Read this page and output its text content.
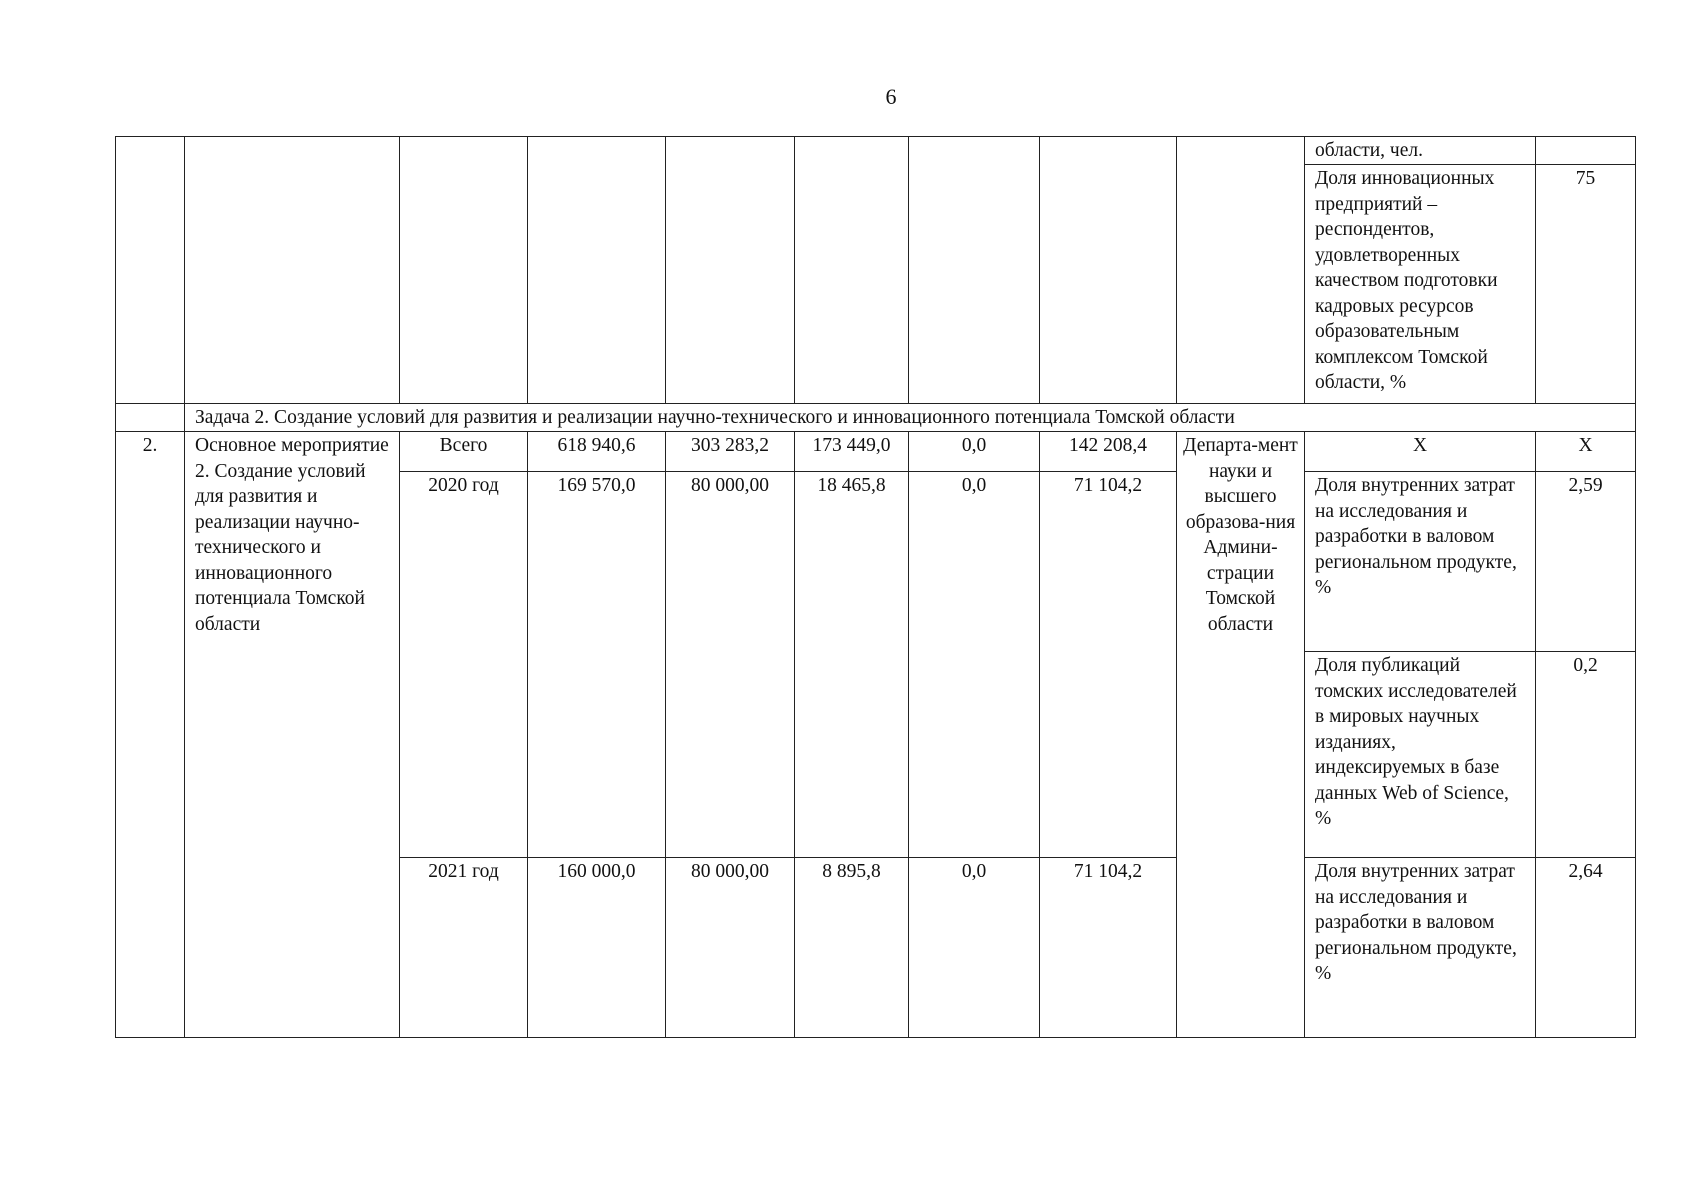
6
									области, чел.	
									Доля инновационных предприятий – респондентов, удовлетворенных качеством подготовки кадровых ресурсов образовательным комплексом Томской области, %	75
	Задача 2. Создание условий для развития и реализации научно-технического и инновационного потенциала Томской области									
2.	Основное мероприятие 2. Создание условий для развития и реализации научно-технического и инновационного потенциала Томской области	Всего	618 940,6	303 283,2	173 449,0	0,0	142 208,4	Департа-мент науки и высшего образова-ния Админи-страции Томской области	Х	Х
		2020 год	169 570,0	80 000,00	18 465,8	0,0	71 104,2		Доля внутренних затрат на исследования и разработки в валовом региональном продукте, %	2,59
									Доля публикаций томских исследователей в мировых научных изданиях, индексируемых в базе данных Web of Science, %	0,2
		2021 год	160 000,0	80 000,00	8 895,8	0,0	71 104,2		Доля внутренних затрат на исследования и разработки в валовом региональном продукте, %	2,64
